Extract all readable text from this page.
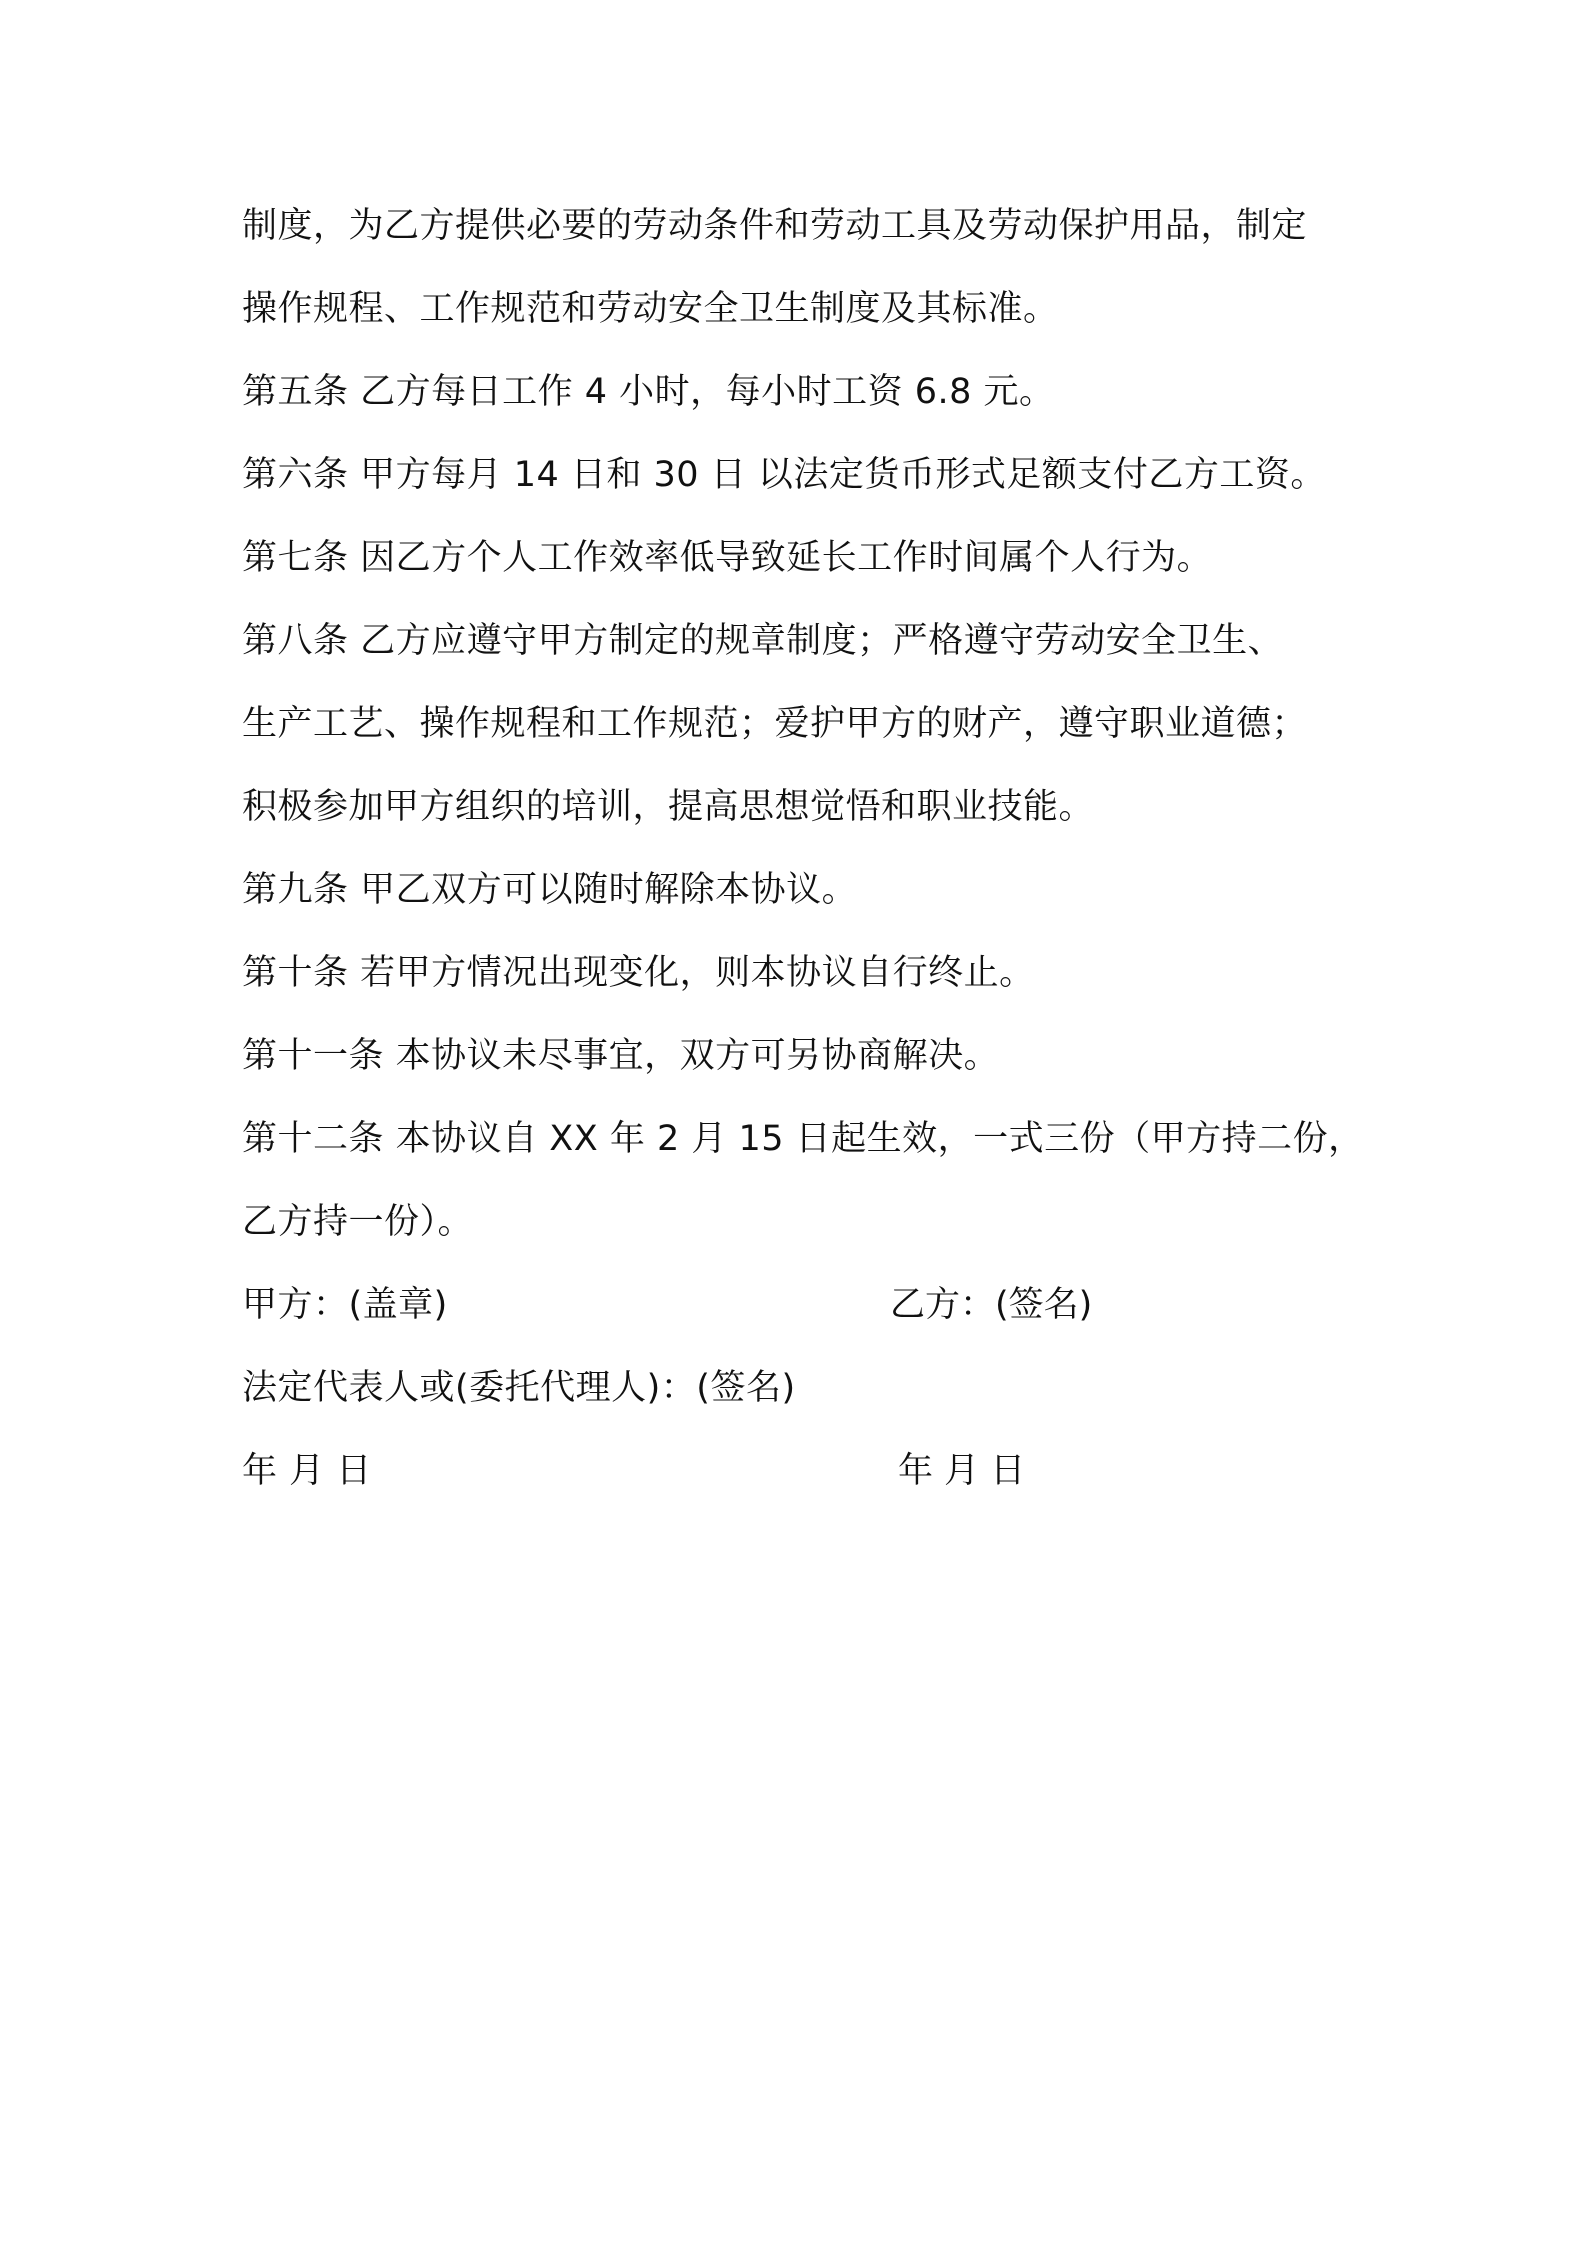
制度，为乙方提供必要的劳动条件和劳动工具及劳动保护用品，制定
操作规程、工作规范和劳动安全卫生制度及其标准。
第五条 乙方每日工作 4 小时，每小时工资 6.8 元。
第六条 甲方每月 14 日和 30 日 以法定货币形式足额支付乙方工资。
第七条 因乙方个人工作效率低导致延长工作时间属个人行为。
第八条 乙方应遵守甲方制定的规章制度；严格遵守劳动安全卫生、
生产工艺、操作规程和工作规范；爱护甲方的财产，遵守职业道德；
积极参加甲方组织的培训，提高思想觉悟和职业技能。
第九条 甲乙双方可以随时解除本协议。
第十条 若甲方情况出现变化，则本协议自行终止。
第十一条 本协议未尽事宜，双方可另协商解决。
第十二条 本协议自 XX 年 2 月 15 日起生效，一式三份（甲方持二份，
乙方持一份）。
甲方：(盖章)	乙方：(签名)
法定代表人或(委托代理人)：(签名)
年 月 日	年 月 日
